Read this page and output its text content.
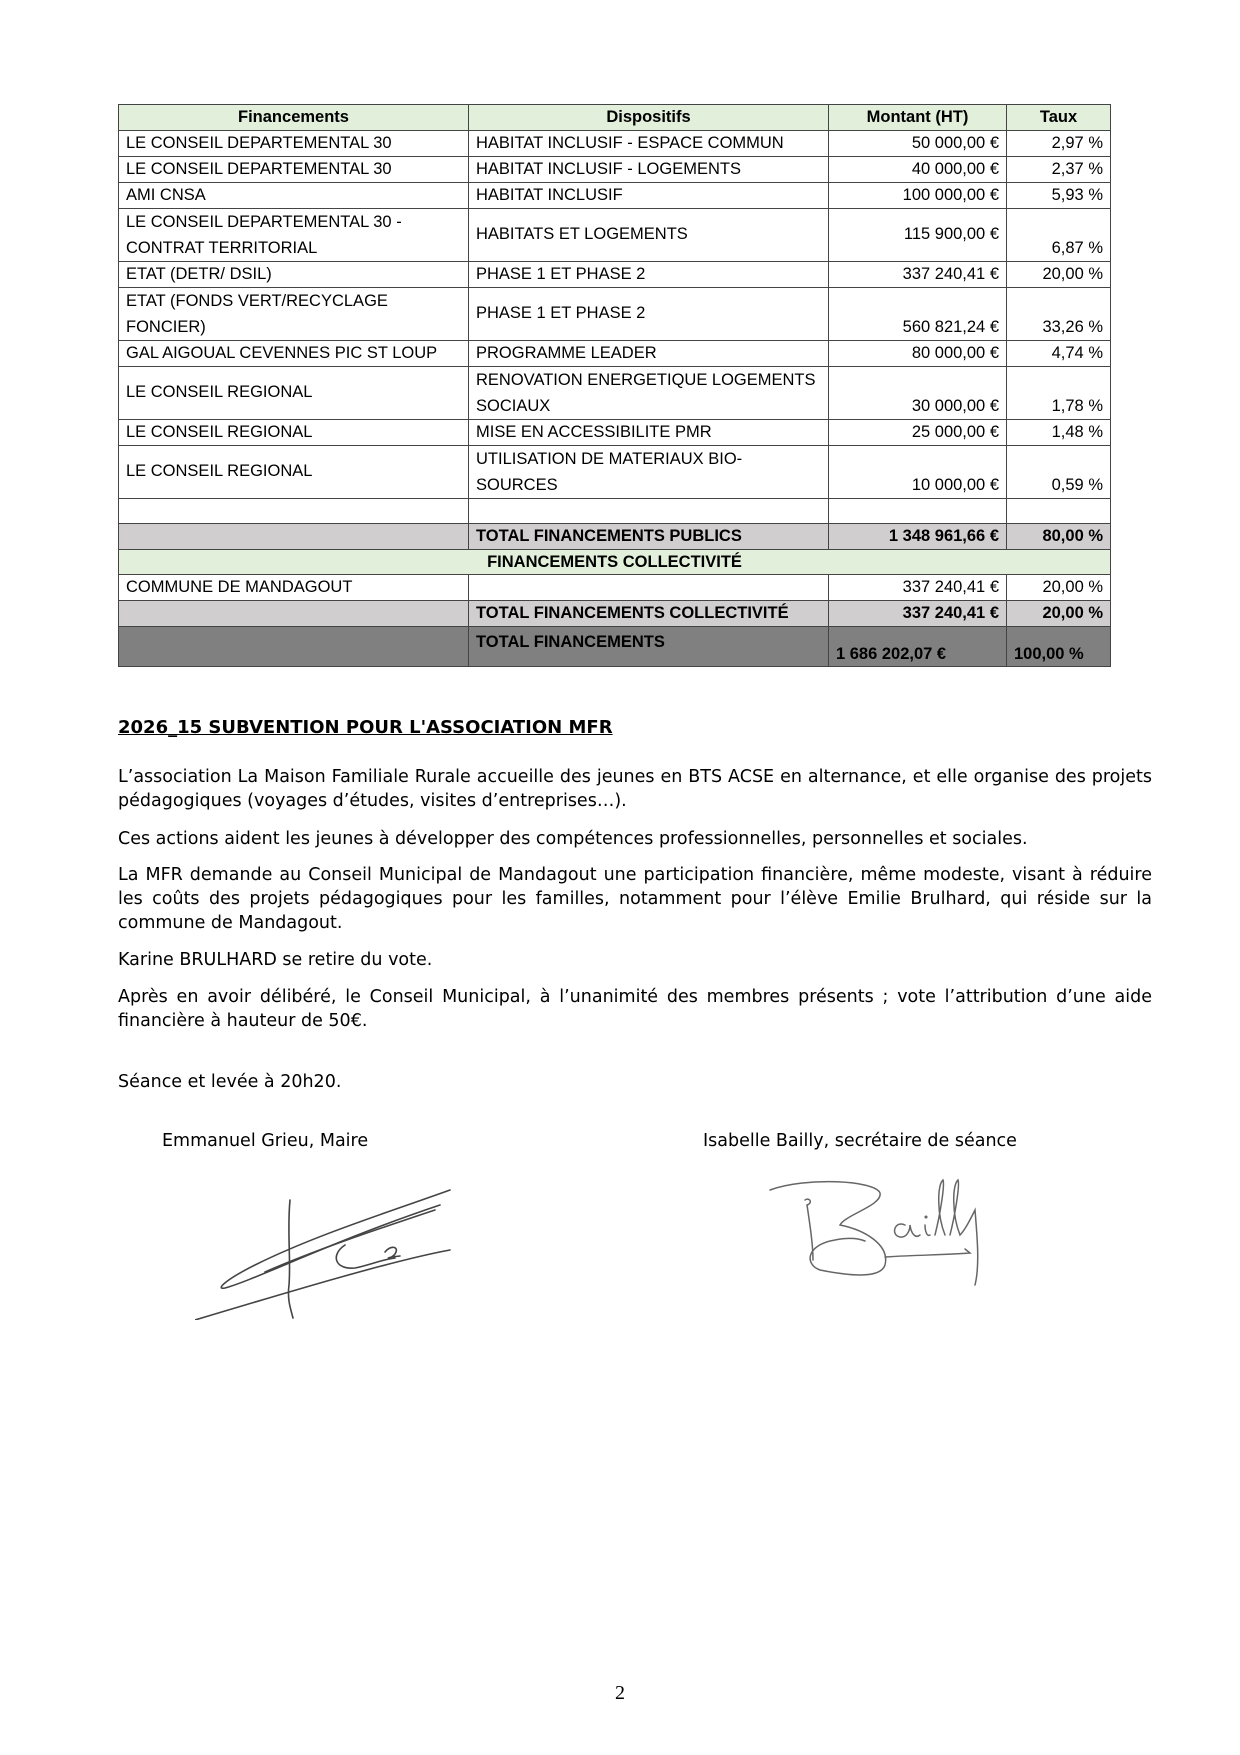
Financements	Dispositifs	Montant (HT)	Taux
LE CONSEIL DEPARTEMENTAL 30	HABITAT INCLUSIF - ESPACE COMMUN	50 000,00 €	2,97 %
LE CONSEIL DEPARTEMENTAL 30	HABITAT INCLUSIF - LOGEMENTS	40 000,00 €	2,37 %
AMI CNSA	HABITAT INCLUSIF	100 000,00 €	5,93 %
LE CONSEIL DEPARTEMENTAL 30 - CONTRAT TERRITORIAL	HABITATS ET LOGEMENTS	115 900,00 €	6,87 %
ETAT (DETR/ DSIL)	PHASE 1 ET PHASE 2	337 240,41 €	20,00 %
ETAT (FONDS VERT/RECYCLAGE FONCIER)	PHASE 1 ET PHASE 2	560 821,24 €	33,26 %
GAL AIGOUAL CEVENNES PIC ST LOUP	PROGRAMME LEADER	80 000,00 €	4,74 %
LE CONSEIL REGIONAL	RENOVATION ENERGETIQUE LOGEMENTS SOCIAUX	30 000,00 €	1,78 %
LE CONSEIL REGIONAL	MISE EN ACCESSIBILITE PMR	25 000,00 €	1,48 %
LE CONSEIL REGIONAL	UTILISATION DE MATERIAUX BIO-SOURCES	10 000,00 €	0,59 %

	TOTAL FINANCEMENTS PUBLICS	1 348 961,66 €	80,00 %
FINANCEMENTS COLLECTIVITÉ			
COMMUNE DE MANDAGOUT		337 240,41 €	20,00 %
	TOTAL FINANCEMENTS COLLECTIVITÉ	337 240,41 €	20,00 %
	TOTAL FINANCEMENTS	1 686 202,07 €	100,00 %
2026_15 SUBVENTION POUR L'ASSOCIATION MFR

L’association La Maison Familiale Rurale accueille des jeunes en BTS ACSE en alternance, et elle organise des projets pédagogiques (voyages d’études, visites d’entreprises…).

Ces actions aident les jeunes à développer des compétences professionnelles, personnelles et sociales.

La MFR demande au Conseil Municipal de Mandagout une participation financière, même modeste, visant à réduire les coûts des projets pédagogiques pour les familles, notamment pour l’élève Emilie Brulhard, qui réside sur la commune de Mandagout.

Karine BRULHARD se retire du vote.

Après en avoir délibéré, le Conseil Municipal, à l’unanimité des membres présents ; vote l’attribution d’une aide financière à hauteur de 50€.

Séance et levée à 20h20.

Emmanuel Grieu, Maire	Isabelle Bailly, secrétaire de séance
2
